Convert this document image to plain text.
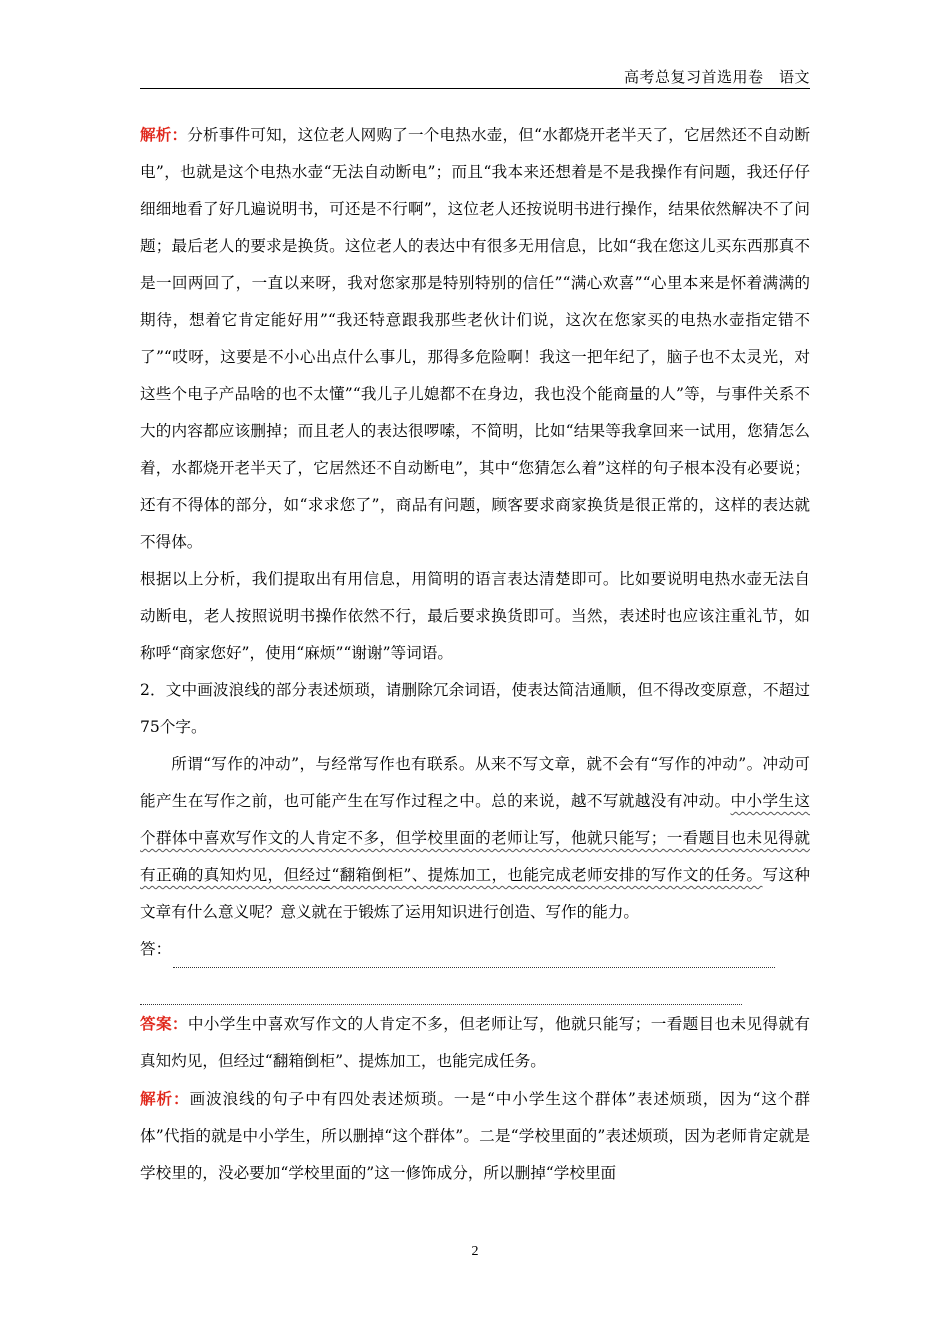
高考总复习首选用卷　语文

解析：分析事件可知，这位老人网购了一个电热水壶，但“水都烧开老半天了，它居然还不自动断电”，也就是这个电热水壶“无法自动断电”；而且“我本来还想着是不是我操作有问题，我还仔仔细细地看了好几遍说明书，可还是不行啊”，这位老人还按说明书进行操作，结果依然解决不了问题；最后老人的要求是换货。这位老人的表达中有很多无用信息，比如“我在您这儿买东西那真不是一回两回了，一直以来呀，我对您家那是特别特别的信任”“满心欢喜”“心里本来是怀着满满的期待，想着它肯定能好用”“我还特意跟我那些老伙计们说，这次在您家买的电热水壶指定错不了”“哎呀，这要是不小心出点什么事儿，那得多危险啊！我这一把年纪了，脑子也不太灵光，对这些个电子产品啥的也不太懂”“我儿子儿媳都不在身边，我也没个能商量的人”等，与事件关系不大的内容都应该删掉；而且老人的表达很啰嗦，不简明，比如“结果等我拿回来一试用，您猜怎么着，水都烧开老半天了，它居然还不自动断电”，其中“您猜怎么着”这样的句子根本没有必要说；还有不得体的部分，如“求求您了”，商品有问题，顾客要求商家换货是很正常的，这样的表达就不得体。

根据以上分析，我们提取出有用信息，用简明的语言表达清楚即可。比如要说明电热水壶无法自动断电，老人按照说明书操作依然不行，最后要求换货即可。当然，表述时也应该注重礼节，如称呼“商家您好”，使用“麻烦”“谢谢”等词语。

2．文中画波浪线的部分表述烦琐，请删除冗余词语，使表达简洁通顺，但不得改变原意，不超过75个字。

所谓“写作的冲动”，与经常写作也有联系。从来不写文章，就不会有“写作的冲动”。冲动可能产生在写作之前，也可能产生在写作过程之中。总的来说，越不写就越没有冲动。中小学生这个群体中喜欢写作文的人肯定不多，但学校里面的老师让写，他就只能写；一看题目也未见得就有正确的真知灼见，但经过“翻箱倒柜”、提炼加工，也能完成老师安排的写作文的任务。写这种文章有什么意义呢？意义就在于锻炼了运用知识进行创造、写作的能力。

答：

答案：中小学生中喜欢写作文的人肯定不多，但老师让写，他就只能写；一看题目也未见得就有真知灼见，但经过“翻箱倒柜”、提炼加工，也能完成任务。

解析：画波浪线的句子中有四处表述烦琐。一是“中小学生这个群体”表述烦琐，因为“这个群体”代指的就是中小学生，所以删掉“这个群体”。二是“学校里面的”表述烦琐，因为老师肯定就是学校里的，没必要加“学校里面的”这一修饰成分，所以删掉“学校里面

2
